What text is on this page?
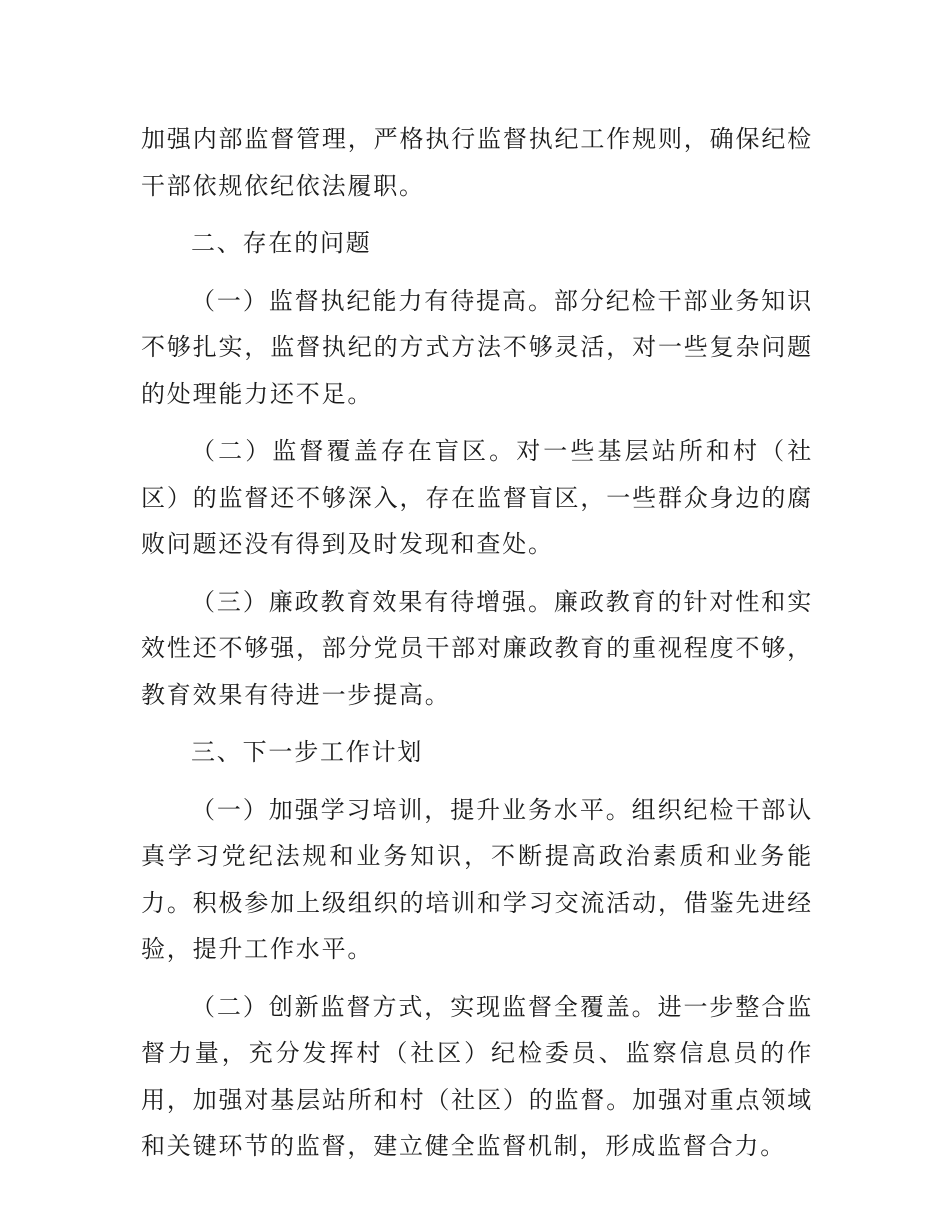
加强内部监督管理，严格执行监督执纪工作规则，确保纪检干部依规依纪依法履职。

二、存在的问题

（一）监督执纪能力有待提高。部分纪检干部业务知识不够扎实，监督执纪的方式方法不够灵活，对一些复杂问题的处理能力还不足。

（二）监督覆盖存在盲区。对一些基层站所和村（社区）的监督还不够深入，存在监督盲区，一些群众身边的腐败问题还没有得到及时发现和查处。

（三）廉政教育效果有待增强。廉政教育的针对性和实效性还不够强，部分党员干部对廉政教育的重视程度不够，教育效果有待进一步提高。

三、下一步工作计划

（一）加强学习培训，提升业务水平。组织纪检干部认真学习党纪法规和业务知识，不断提高政治素质和业务能力。积极参加上级组织的培训和学习交流活动，借鉴先进经验，提升工作水平。

（二）创新监督方式，实现监督全覆盖。进一步整合监督力量，充分发挥村（社区）纪检委员、监察信息员的作用，加强对基层站所和村（社区）的监督。加强对重点领域和关键环节的监督，建立健全监督机制，形成监督合力。
